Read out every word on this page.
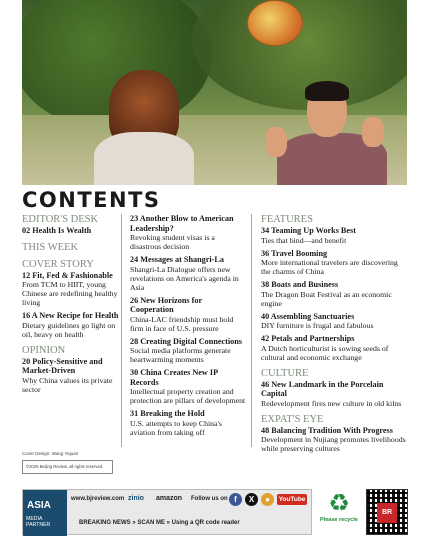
CONTENTS
EDITOR'S DESK
02 Health Is Wealth
THIS WEEK
COVER STORY
12 Fit, Fed & Fashionable
From TCM to HIIT, young Chinese are redefining healthy living
16 A New Recipe for Health
Dietary guidelines go light on oil, heavy on health
OPINION
20 Policy-Sensitive and Market-Driven
Why China values its private sector
23 Another Blow to American Leadership?
Revoking student visas is a disastrous decision
24 Messages at Shangri-La
Shangri-La Dialogue offers new revelations on America's agenda in Asia
26 New Horizons for Cooperation
China-LAC friendship must hold firm in face of U.S. pressure
28 Creating Digital Connections
Social media platforms generate heartwarming moments
30 China Creates New IP Records
Intellectual property creation and protection are pillars of development
31 Breaking the Hold
U.S. attempts to keep China's aviation from taking off
FEATURES
34 Teaming Up Works Best
Ties that bind—and benefit
36 Travel Booming
More international travelers are discovering the charms of China
38 Boats and Business
The Dragon Boat Festival as an economic engine
40 Assembling Sanctuaries
DIY furniture is frugal and fabulous
42 Petals and Partnerships
A Dutch horticulturist is sowing seeds of cultural and economic exchange
CULTURE
46 New Landmark in the Porcelain Capital
Redevelopment fires new culture in old kilns
EXPAT'S EYE
48 Balancing Tradition With Progress
Development in Nujiang promotes livelihoods while preserving cultures
Cover Design: Wang Yajuan
©2025 Beijing Review, all rights reserved.
ASIA
MEDIA PARTNER
www.bjreview.com zinio amazon Follow us on f	X	●	YouTube
BREAKING NEWS » SCAN ME » Using a QR code reader
♻
Please recycle
BR
